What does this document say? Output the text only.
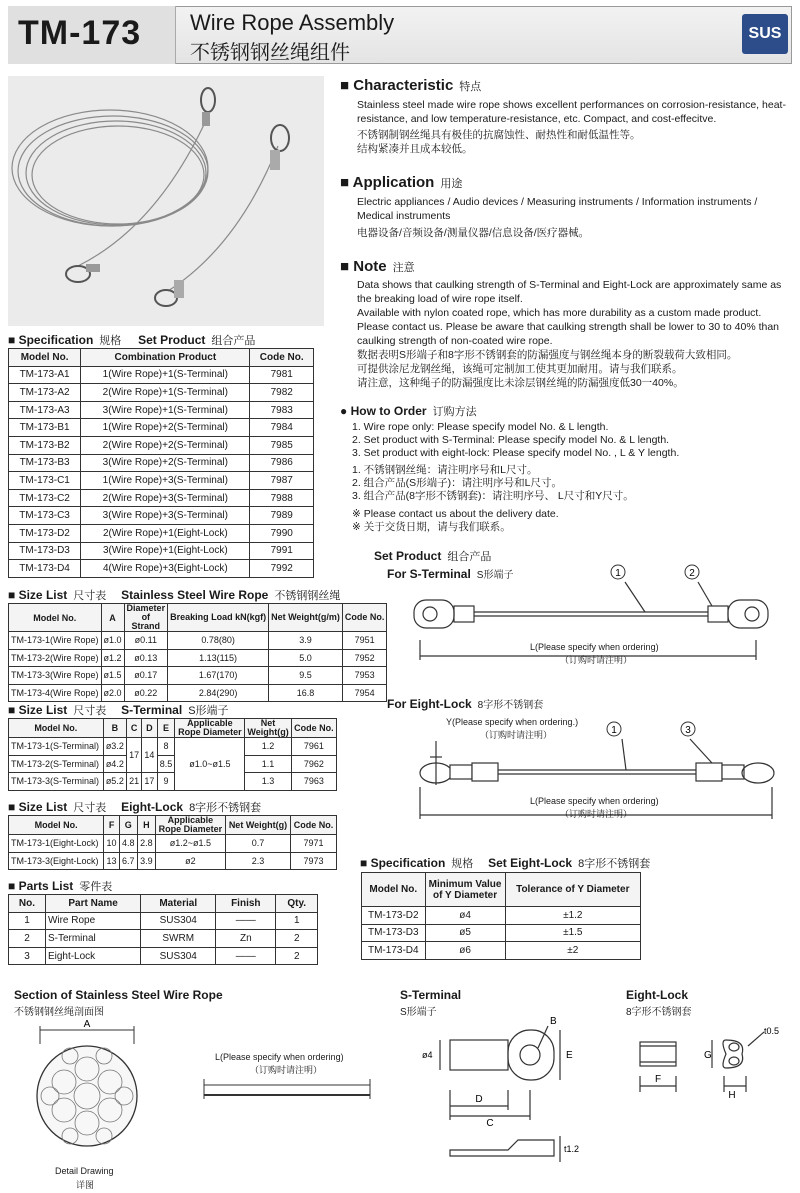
TM-173 Wire Rope Assembly
不锈钢钢丝绳组件
SUS
■ Characteristic 特点
Stainless steel made wire rope shows excellent performances on corrosion-resistance, heat-resistance, and low temperature-resistance, etc. Compact, and cost-effecitve.
不锈钢制钢丝绳具有极佳的抗腐蚀性、耐热性和耐低温性等。
结构紧凑并且成本较低。
■ Application 用途
Electric appliances / Audio devices / Measuring instruments / Information instruments / Medical instruments
电器设备/音频设备/测量仪器/信息设备/医疗器械。
■ Note 注意
Data shows that caulking strength of S-Terminal and Eight-Lock are approximately same as the breaking load of wire rope itself.
Available with nylon coated rope, which has more durability as a custom made product. Please contact us. Please be aware that caulking strength shall be lower to 30 to 40% than caulking strength of non-coated wire rope.
数据表明S形端子和8字形不锈钢套的防漏强度与钢丝绳本身的断裂载荷大致相同。
可提供涂尼龙钢丝绳，该绳可定制加工使其更加耐用。请与我们联系。
请注意，这种绳子的防漏强度比未涂层钢丝绳的防漏强度低30一40%。
● How to Order 订购方法
1. Wire rope only: Please specify model No. & L length.
2. Set product with S-Terminal: Please specify model No. & L length.
3. Set product with eight-lock: Please specify model No. , L & Y length.
1. 不锈钢钢丝绳：请注明序号和L尺寸。
2. 组合产品(S形端子)：请注明序号和L尺寸。
3. 组合产品(8字形不锈钢套)：请注明序号、 L尺寸和Y尺寸。
※ Please contact us about the delivery date.
※ 关于交货日期，请与我们联系。
Set Product 组合产品
For S-Terminal S形端子	1	2
L(Please specify when ordering)
（订购时请注明）
For Eight-Lock 8字形不锈钢套
Y(Please specify when ordering.)
（订购时请注明）	1	3
L(Please specify when ordering)
（订购时请注明）
■ Specification 规格 Set Product 组合产品
Model No.	Combination Product	Code No.
TM-173-A1	1(Wire Rope)+1(S-Terminal)	7981
TM-173-A2	2(Wire Rope)+1(S-Terminal)	7982
TM-173-A3	3(Wire Rope)+1(S-Terminal)	7983
TM-173-B1	1(Wire Rope)+2(S-Terminal)	7984
TM-173-B2	2(Wire Rope)+2(S-Terminal)	7985
TM-173-B3	3(Wire Rope)+2(S-Terminal)	7986
TM-173-C1	1(Wire Rope)+3(S-Terminal)	7987
TM-173-C2	2(Wire Rope)+3(S-Terminal)	7988
TM-173-C3	3(Wire Rope)+3(S-Terminal)	7989
TM-173-D2	2(Wire Rope)+1(Eight-Lock)	7990
TM-173-D3	3(Wire Rope)+1(Eight-Lock)	7991
TM-173-D4	4(Wire Rope)+3(Eight-Lock)	7992
■ Size List 尺寸表 Stainless Steel Wire Rope 不锈钢钢丝绳
Model No.	A	Diameter of Strand	Breaking Load kN(kgf)	Net Weight(g/m)	Code No.
TM-173-1(Wire Rope)	ø1.0	ø0.11	0.78(80)	3.9	7951
TM-173-2(Wire Rope)	ø1.2	ø0.13	1.13(115)	5.0	7952
TM-173-3(Wire Rope)	ø1.5	ø0.17	1.67(170)	9.5	7953
TM-173-4(Wire Rope)	ø2.0	ø0.22	2.84(290)	16.8	7954
■ Size List 尺寸表 S-Terminal S形端子
Model No.	B	C	D	E	Applicable Rope Diameter	Net Weight(g)	Code No.
TM-173-1(S-Terminal)	ø3.2	17	14	8	ø1.0~ø1.5	1.2	7961
TM-173-2(S-Terminal)	ø4.2			8.5		1.1	7962
TM-173-3(S-Terminal)	ø5.2	21	17	9		1.3	7963
■ Size List 尺寸表 Eight-Lock 8字形不锈钢套
Model No.	F	G	H	Applicable Rope Diameter	Net Weight(g)	Code No.
TM-173-1(Eight-Lock)	10	4.8	2.8	ø1.2~ø1.5	0.7	7971
TM-173-3(Eight-Lock)	13	6.7	3.9	ø2	2.3	7973
■ Parts List 零件表
No.	Part Name	Material	Finish	Qty.
1	Wire Rope	SUS304	——	1
2	S-Terminal	SWRM	Zn	2
3	Eight-Lock	SUS304	——	2
■ Specification 规格 Set Eight-Lock 8字形不锈钢套
Model No.	Minimum Value of Y Diameter	Tolerance of Y Diameter
TM-173-D2	ø4	±1.2
TM-173-D3	ø5	±1.5
TM-173-D4	ø6	±2
Section of Stainless Steel Wire Rope
不锈钢钢丝绳剖面图
A
Detail Drawing
详图
L(Please specify when ordering)
（订购时请注明）
S-Terminal
S形端子
B
D
C
E
ø4
t1.2
Eight-Lock
8字形不锈钢套
F
G
H
t0.5
